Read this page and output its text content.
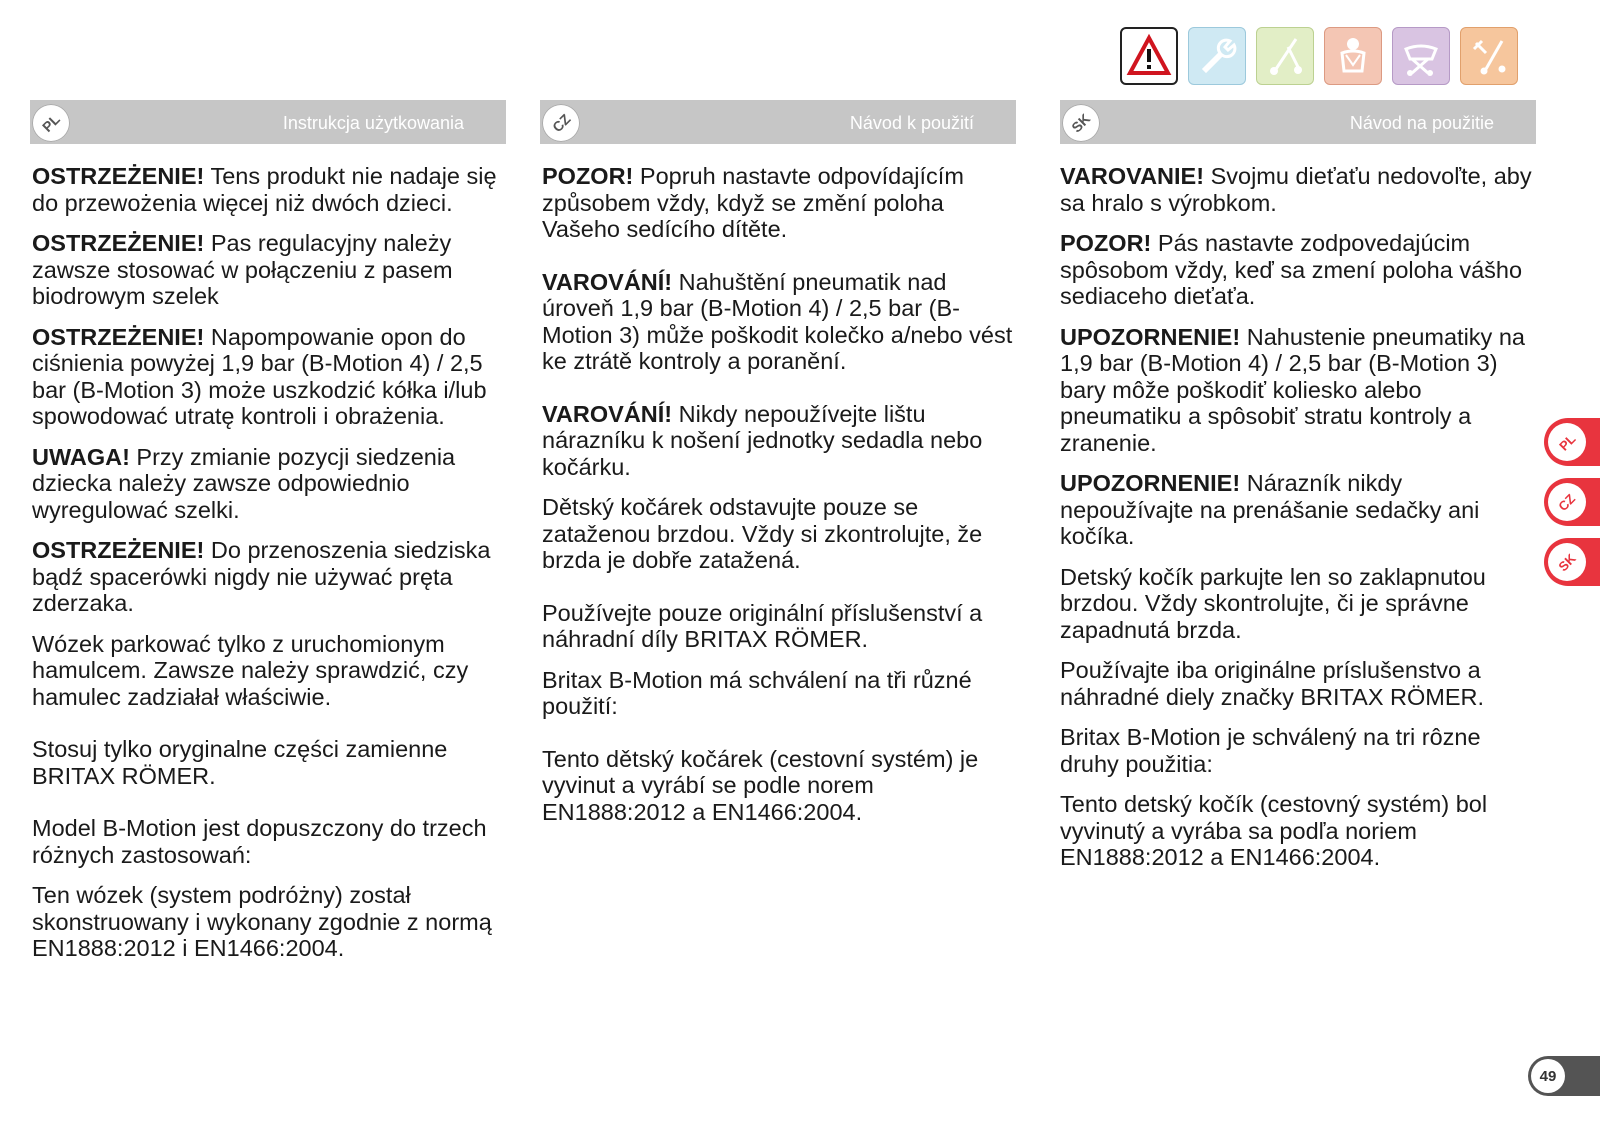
PL	Instrukcja użytkowania	CZ	Návod k použití	SK	Návod na použitie

OSTRZEŻENIE! Tens produkt nie nadaje się do przewożenia więcej niż dwóch dzieci.

OSTRZEŻENIE! Pas regulacyjny należy zawsze stosować w połączeniu z pasem biodrowym szelek

OSTRZEŻENIE! Napompowanie opon do ciśnienia powyżej 1,9 bar (B-Motion 4) / 2,5 bar (B-Motion 3) może uszkodzić kółka i/lub spowodować utratę kontroli i obrażenia.

UWAGA! Przy zmianie pozycji siedzenia dziecka należy zawsze odpowiednio wyregulować szelki.

OSTRZEŻENIE! Do przenoszenia siedziska bądź spacerówki nigdy nie używać pręta zderzaka.

Wózek parkować tylko z uruchomionym hamulcem. Zawsze należy sprawdzić, czy hamulec zadziałał właściwie.

Stosuj tylko oryginalne części zamienne BRITAX RÖMER.

Model B-Motion jest dopuszczony do trzech różnych zastosowań:

Ten wózek (system podróżny) został skonstruowany i wykonany zgodnie z normą EN1888:2012 i EN1466:2004.

POZOR! Popruh nastavte odpovídajícím způsobem vždy, když se změní poloha Vašeho sedícího dítěte.

VAROVÁNÍ! Nahuštění pneumatik nad úroveň 1,9 bar (B-Motion 4) / 2,5 bar (B-Motion 3) může poškodit kolečko a/nebo vést ke ztrátě kontroly a poranění.

VAROVÁNÍ! Nikdy nepoužívejte lištu nárazníku k nošení jednotky sedadla nebo kočárku.

Dětský kočárek odstavujte pouze se zataženou brzdou. Vždy si zkontrolujte, že brzda je dobře zatažená.

Používejte pouze originální příslušenství a náhradní díly BRITAX RÖMER.

Britax B-Motion má schválení na tři různé použití:

Tento dětský kočárek (cestovní systém) je vyvinut a vyrábí se podle norem EN1888:2012 a EN1466:2004.

VAROVANIE! Svojmu dieťaťu nedovoľte, aby sa hralo s výrobkom.

POZOR! Pás nastavte zodpovedajúcim spôsobom vždy, keď sa zmení poloha vášho sediaceho dieťaťa.

UPOZORNENIE! Nahustenie pneumatiky na 1,9 bar (B-Motion 4) / 2,5 bar (B-Motion 3) bary môže poškodiť koliesko alebo pneumatiku a spôsobiť stratu kontroly a zranenie.

UPOZORNENIE! Nárazník nikdy nepoužívajte na prenášanie sedačky ani kočíka.

Detský kočík parkujte len so zaklapnutou brzdou. Vždy skontrolujte, či je správne zapadnutá brzda.

Používajte iba originálne príslušenstvo a náhradné diely značky BRITAX RÖMER.

Britax B-Motion je schválený na tri rôzne druhy použitia:

Tento detský kočík (cestovný systém) bol vyvinutý a vyrába sa podľa noriem EN1888:2012 a EN1466:2004.

PL
CZ
SK
49
